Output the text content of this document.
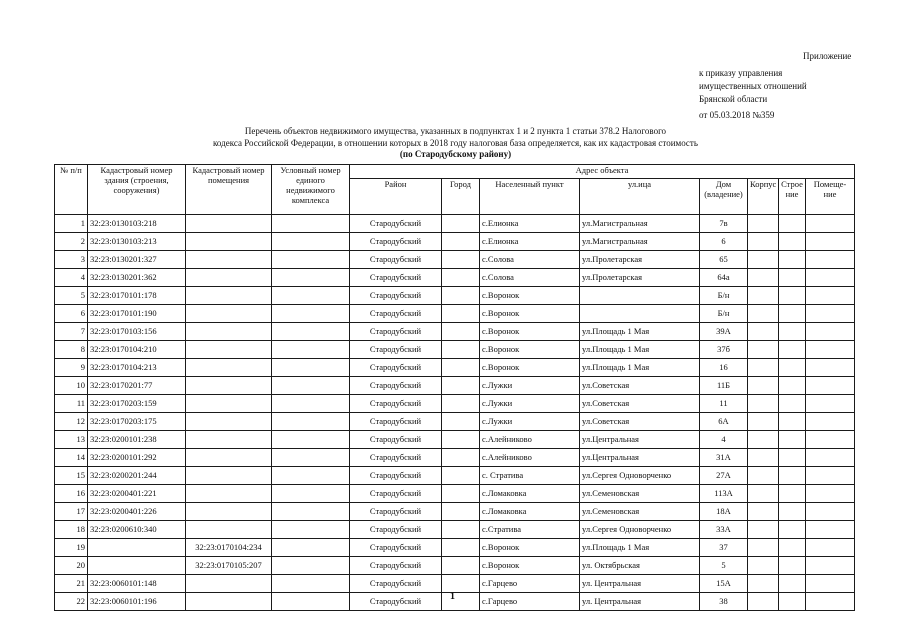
Приложение
к приказу управления
имущественных отношений
Брянской области
от 05.03.2018 №359
Перечень объектов недвижимого имущества, указанных в подпунктах 1 и 2 пункта 1 статьи 378.2 Налогового
кодекса Российской Федерации, в отношении которых в 2018 году налоговая база определяется, как их кадастровая стоимость
(по Стародубскому району)
№ п/п	Кадастровый номер здания (строения, сооружения)	Кадастровый номер помещения	Условный номер единого недвижимого комплекса	Адрес объекта							
				Район	Город	Населенный пункт	ул.ица	Дом (владение)	Корпус	Строе ние	Помеще- ние
1	32:23:0130103:218			Стародубский		с.Елионка	ул.Магистральная	7в			
2	32:23:0130103:213			Стародубский		с.Елионка	ул.Магистральная	6			
3	32:23:0130201:327			Стародубский		с.Солова	ул.Пролетарская	65			
4	32:23:0130201:362			Стародубский		с.Солова	ул.Пролетарская	64а			
5	32:23:0170101:178			Стародубский		с.Воронок		Б/н			
6	32:23:0170101:190			Стародубский		с.Воронок		Б/н			
7	32:23:0170103:156			Стародубский		с.Воронок	ул.Площадь 1 Мая	39А			
8	32:23:0170104:210			Стародубский		с.Воронок	ул.Площадь 1 Мая	37б			
9	32:23:0170104:213			Стародубский		с.Воронок	ул.Площадь 1 Мая	16			
10	32:23:0170201:77			Стародубский		с.Лужки	ул.Советская	11Б			
11	32:23:0170203:159			Стародубский		с.Лужки	ул.Советская	11			
12	32:23:0170203:175			Стародубский		с.Лужки	ул.Советская	6А			
13	32:23:0200101:238			Стародубский		с.Алейниково	ул.Центральная	4			
14	32:23:0200101:292			Стародубский		с.Алейниково	ул.Центральная	31А			
15	32:23:0200201:244			Стародубский		с. Стратива	ул.Сергея Одноворченко	27А			
16	32:23:0200401:221			Стародубский		с.Ломаковка	ул.Семеновская	113А			
17	32:23:0200401:226			Стародубский		с.Ломаковка	ул.Семеновская	18А			
18	32:23:0200610:340			Стародубский		с.Стратива	ул.Сергея Одноворченко	33А			
19		32:23:0170104:234		Стародубский		с.Воронок	ул.Площадь 1 Мая	37			
20		32:23:0170105:207		Стародубский		с.Воронок	ул. Октябрьская	5			
21	32:23:0060101:148			Стародубский		с.Гарцево	ул. Центральная	15А			
22	32:23:0060101:196			Стародубский		с.Гарцево	ул. Центральная	38			
1
